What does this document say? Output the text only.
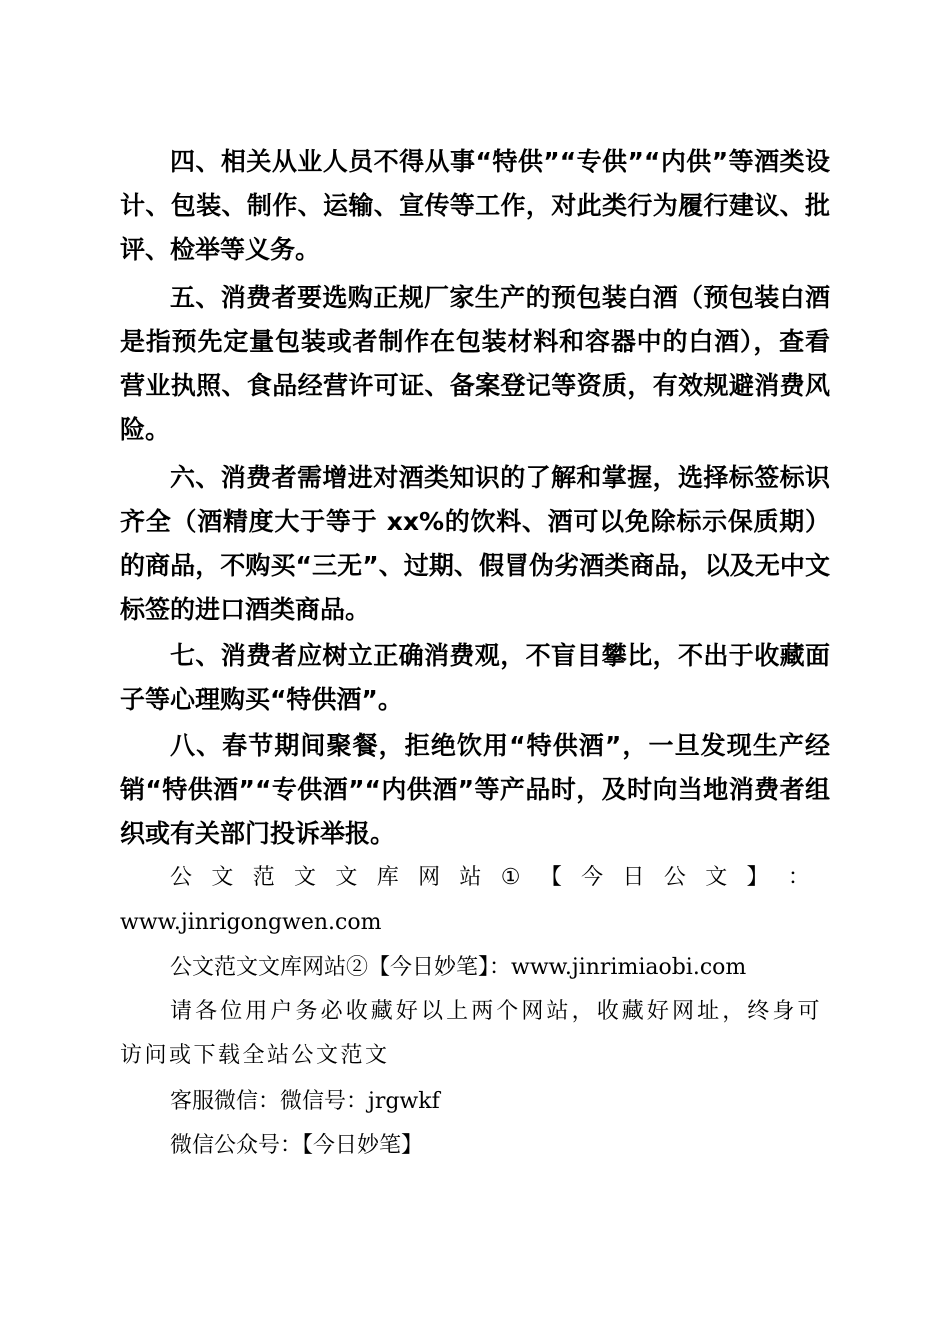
四、相关从业人员不得从事“特供”“专供”“内供”等酒类设计、包装、制作、运输、宣传等工作，对此类行为履行建议、批评、检举等义务。

五、消费者要选购正规厂家生产的预包装白酒（预包装白酒是指预先定量包装或者制作在包装材料和容器中的白酒），查看营业执照、食品经营许可证、备案登记等资质，有效规避消费风险。

六、消费者需增进对酒类知识的了解和掌握，选择标签标识齐全（酒精度大于等于 xx%的饮料、酒可以免除标示保质期）的商品，不购买“三无”、过期、假冒伪劣酒类商品，以及无中文标签的进口酒类商品。

七、消费者应树立正确消费观，不盲目攀比，不出于收藏面子等心理购买“特供酒”。

八、春节期间聚餐，拒绝饮用“特供酒”，一旦发现生产经销“特供酒”“专供酒”“内供酒”等产品时，及时向当地消费者组织或有关部门投诉举报。

公 文 范 文 文 库 网 站 ① 【 今 日 公 文 】 ：

www.jinrigongwen.com

公文范文文库网站②【今日妙笔】：www.jinrimiaobi.com

请各位用户务必收藏好以上两个网站，收藏好网址，终身可访问或下载全站公文范文

客服微信：微信号：jrgwkf

微信公众号：【今日妙笔】
